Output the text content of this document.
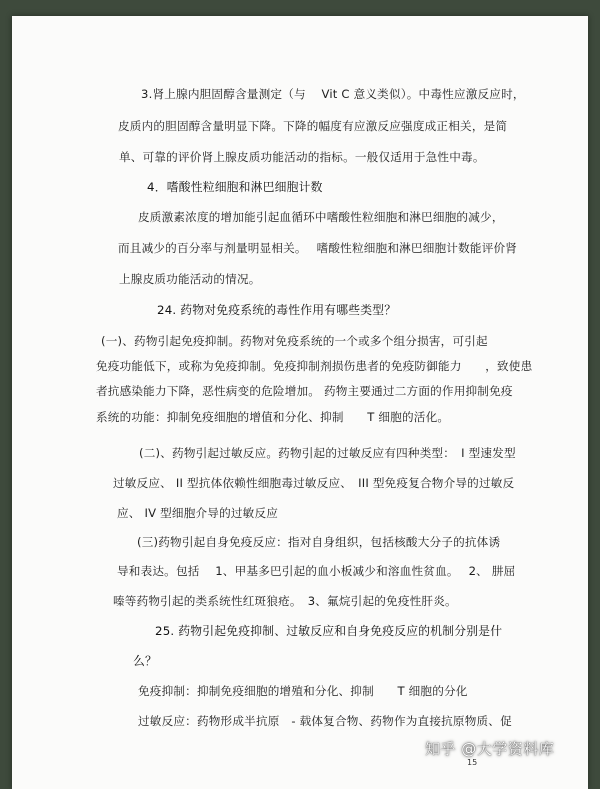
3.肾上腺内胆固醇含量测定（与　 Vit C 意义类似）。中毒性应激反应时，
皮质内的胆固醇含量明显下降。下降的幅度有应激反应强度成正相关，是简
单、可靠的评价肾上腺皮质功能活动的指标。一般仅适用于急性中毒。
4．嗜酸性粒细胞和淋巴细胞计数
皮质激素浓度的增加能引起血循环中嗜酸性粒细胞和淋巴细胞的减少，
而且减少的百分率与剂量明显相关。　 嗜酸性粒细胞和淋巴细胞计数能评价肾
上腺皮质功能活动的情况。
24. 药物对免疫系统的毒性作用有哪些类型？
(一)、药物引起免疫抑制。药物对免疫系统的一个或多个组分损害，可引起
免疫功能低下，或称为免疫抑制。免疫抑制剂损伤患者的免疫防御能力　　，致使患
者抗感染能力下降，恶性病变的危险增加。 药物主要通过二方面的作用抑制免疫
系统的功能：抑制免疫细胞的增值和分化、抑制　　T 细胞的活化。
(二)、药物引起过敏反应。药物引起的过敏反应有四种类型：　I 型速发型
过敏反应、 II 型抗体依赖性细胞毒过敏反应、　III 型免疫复合物介导的过敏反
应、 IV 型细胞介导的过敏反应
(三)药物引起自身免疫反应：指对自身组织，包括核酸大分子的抗体诱
导和表达。包括　 1、甲基多巴引起的血小板减少和溶血性贫血。　 2、 肼屈
嗪等药物引起的类系统性红斑狼疮。　3、氟烷引起的免疫性肝炎。
25. 药物引起免疫抑制、过敏反应和自身免疫反应的机制分别是什
么？
免疫抑制：抑制免疫细胞的增殖和分化、抑制　　T 细胞的分化
过敏反应：药物形成半抗原　- 载体复合物、药物作为直接抗原物质、促
15
知乎 @大学资料库
